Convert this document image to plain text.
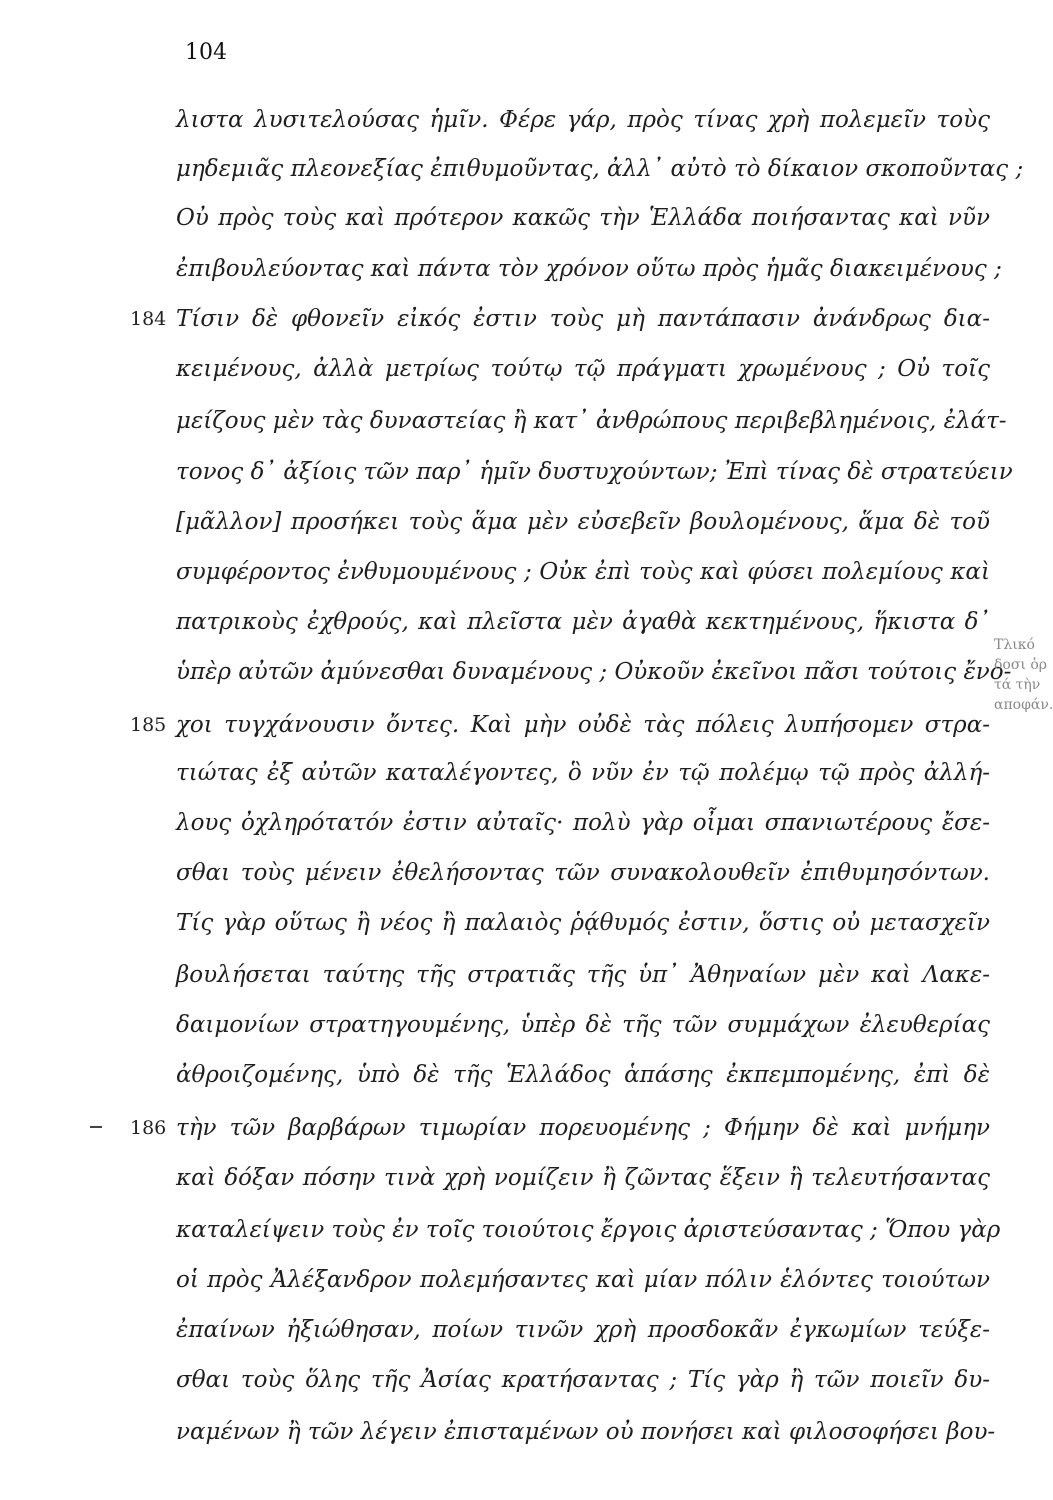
104
λιστα λυσιτελούσας ἡμῖν. Φέρε γάρ, πρὸς τίνας χρὴ πολεμεῖν τοὺς
μηδεμιᾶς πλεονεξίας ἐπιθυμοῦντας, ἀλλ᾽ αὐτὸ τὸ δίκαιον σκοποῦντας ;
Οὐ πρὸς τοὺς καὶ πρότερον κακῶς τὴν Ἑλλάδα ποιήσαντας καὶ νῦν
ἐπιβουλεύοντας καὶ πάντα τὸν χρόνον οὕτω πρὸς ἡμᾶς διακειμένους ;
184 Τίσιν δὲ φθονεῖν εἰκός ἐστιν τοὺς μὴ παντάπασιν ἀνάνδρως δια-
κειμένους, ἀλλὰ μετρίως τούτῳ τῷ πράγματι χρωμένους ; Οὐ τοῖς
μείζους μὲν τὰς δυναστείας ἢ κατ᾽ ἀνθρώπους περιβεβλημένοις, ἐλάτ-
τονος δ᾽ ἀξίοις τῶν παρ᾽ ἡμῖν δυστυχούντων; Ἐπὶ τίνας δὲ στρατεύειν
[μᾶλλον] προσήκει τοὺς ἅμα μὲν εὐσεβεῖν βουλομένους, ἅμα δὲ τοῦ
συμφέροντος ἐνθυμουμένους ; Οὐκ ἐπὶ τοὺς καὶ φύσει πολεμίους καὶ
πατρικοὺς ἐχθρούς, καὶ πλεῖστα μὲν ἀγαθὰ κεκτημένους, ἥκιστα δ᾽
ὑπὲρ αὐτῶν ἀμύνεσθαι δυναμένους ; Οὐκοῦν ἐκεῖνοι πᾶσι τούτοις ἔνο-
185 χοι τυγχάνουσιν ὄντες. Καὶ μὴν οὐδὲ τὰς πόλεις λυπήσομεν στρα-
τιώτας ἐξ αὐτῶν καταλέγοντες, ὃ νῦν ἐν τῷ πολέμῳ τῷ πρὸς ἀλλή-
λους ὀχληρότατόν ἐστιν αὐταῖς· πολὺ γὰρ οἶμαι σπανιωτέρους ἔσε-
σθαι τοὺς μένειν ἐθελήσοντας τῶν συνακολουθεῖν ἐπιθυμησόντων.
Τίς γὰρ οὕτως ἢ νέος ἢ παλαιὸς ῥᾴθυμός ἐστιν, ὅστις οὐ μετασχεῖν
βουλήσεται ταύτης τῆς στρατιᾶς τῆς ὑπ᾽ Ἀθηναίων μὲν καὶ Λακε-
δαιμονίων στρατηγουμένης, ὑπὲρ δὲ τῆς τῶν συμμάχων ἐλευθερίας
ἀθροιζομένης, ὑπὸ δὲ τῆς Ἑλλάδος ἁπάσης ἐκπεμπομένης, ἐπὶ δὲ
186 τὴν τῶν βαρβάρων τιμωρίαν πορευομένης ; Φήμην δὲ καὶ μνήμην
καὶ δόξαν πόσην τινὰ χρὴ νομίζειν ἢ ζῶντας ἕξειν ἢ τελευτήσαντας
καταλείψειν τοὺς ἐν τοῖς τοιούτοις ἔργοις ἀριστεύσαντας ; Ὅπου γὰρ
οἱ πρὸς Ἀλέξανδρον πολεμήσαντες καὶ μίαν πόλιν ἑλόντες τοιούτων
ἐπαίνων ἠξιώθησαν, ποίων τινῶν χρὴ προσδοκᾶν ἐγκωμίων τεύξε-
σθαι τοὺς ὅλης τῆς Ἀσίας κρατήσαντας ; Τίς γὰρ ἢ τῶν ποιεῖν δυ-
ναμένων ἢ τῶν λέγειν ἐπισταμένων οὐ πονήσει καὶ φιλοσοφήσει βου-
Τλικό
δοσι ὁρ
τά τὴν
αποφάν.
